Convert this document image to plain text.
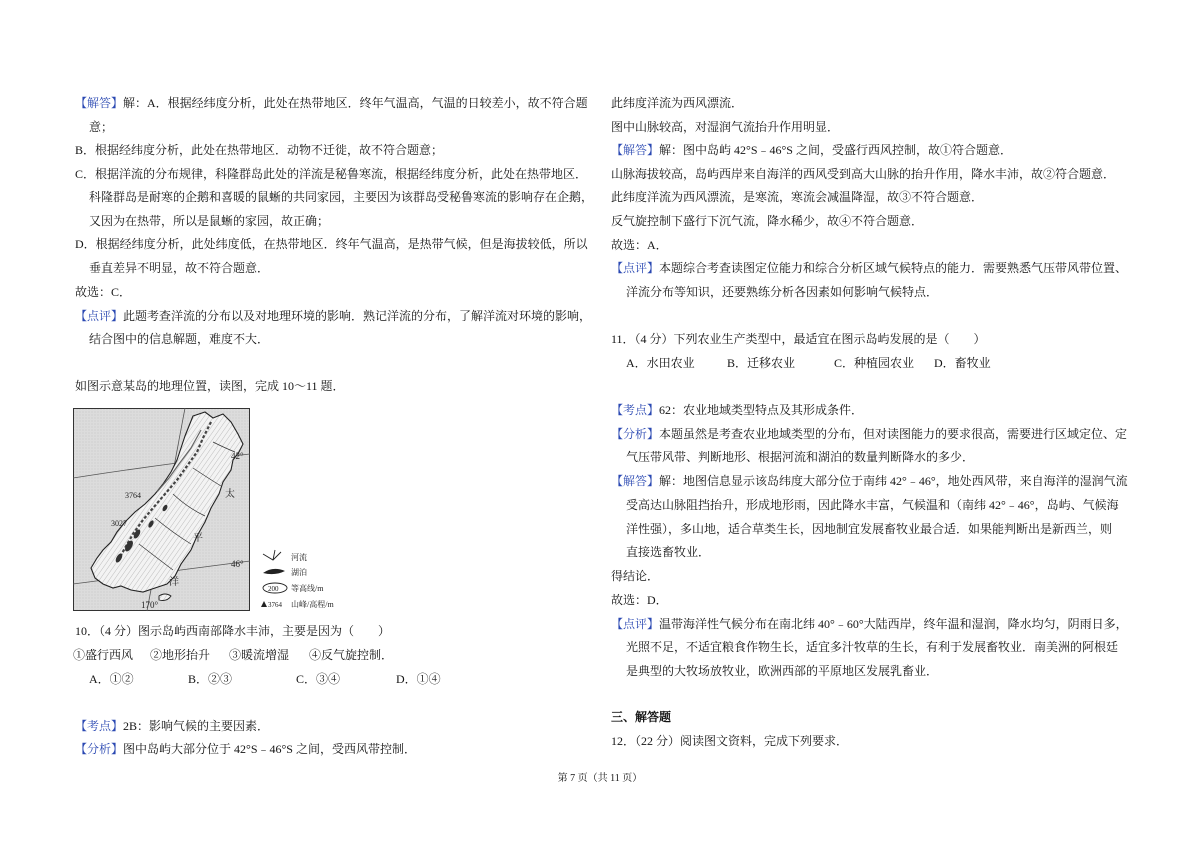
【解答】解：A．根据经纬度分析，此处在热带地区．终年气温高，气温的日较差小，故不符合题
意；
B．根据经纬度分析，此处在热带地区．动物不迁徙，故不符合题意；
C．根据洋流的分布规律，科隆群岛此处的洋流是秘鲁寒流，根据经纬度分析，此处在热带地区．
科隆群岛是耐寒的企鹅和喜暖的鼠蜥的共同家园，主要因为该群岛受秘鲁寒流的影响存在企鹅，
又因为在热带，所以是鼠蜥的家园，故正确；
D．根据经纬度分析，此处纬度低，在热带地区．终年气温高，是热带气候，但是海拔较低，所以
垂直差异不明显，故不符合题意．
故选：C．
【点评】此题考查洋流的分布以及对地理环境的影响．熟记洋流的分布，了解洋流对环境的影响，
结合图中的信息解题，难度不大．
如图示意某岛的地理位置，读图，完成 10～11 题．
42°
46°
170°
3764
3027
太
平
洋
河流
湖泊
200 等高线/m
3764 山峰/高程/m
10．（4 分）图示岛屿西南部降水丰沛，主要是因为（　　）
①盛行西风 ②地形抬升 ③暖流增湿 ④反气旋控制．
A．①②	B．②③	C．③④	D．①④
【考点】2B：影响气候的主要因素．
【分析】图中岛屿大部分位于 42°S﹣46°S 之间，受西风带控制．
此纬度洋流为西风漂流．
图中山脉较高，对湿润气流抬升作用明显．
【解答】解：图中岛屿 42°S﹣46°S 之间，受盛行西风控制，故①符合题意．
山脉海拔较高，岛屿西岸来自海洋的西风受到高大山脉的抬升作用，降水丰沛，故②符合题意．
此纬度洋流为西风漂流，是寒流，寒流会减温降湿，故③不符合题意．
反气旋控制下盛行下沉气流，降水稀少，故④不符合题意．
故选：A．
【点评】本题综合考查读图定位能力和综合分析区域气候特点的能力．需要熟悉气压带风带位置、
洋流分布等知识，还要熟练分析各因素如何影响气候特点．
11．（4 分）下列农业生产类型中，最适宜在图示岛屿发展的是（　　）
A．水田农业	B．迁移农业	C．种植园农业 D．畜牧业
【考点】62：农业地域类型特点及其形成条件．
【分析】本题虽然是考查农业地域类型的分布，但对读图能力的要求很高，需要进行区域定位、定
气压带风带、判断地形、根据河流和湖泊的数量判断降水的多少．
【解答】解：地图信息显示该岛纬度大部分位于南纬 42°﹣46°，地处西风带，来自海洋的湿润气流
受高达山脉阻挡抬升，形成地形雨，因此降水丰富，气候温和（南纬 42°﹣46°，岛屿、气候海
洋性强），多山地，适合草类生长，因地制宜发展畜牧业最合适．如果能判断出是新西兰，则
直接选畜牧业．
得结论．
故选：D．
【点评】温带海洋性气候分布在南北纬 40°﹣60°大陆西岸，终年温和湿润，降水均匀，阴雨日多，
光照不足，不适宜粮食作物生长，适宜多汁牧草的生长，有利于发展畜牧业．南美洲的阿根廷
是典型的大牧场放牧业，欧洲西部的平原地区发展乳畜业．
三、解答题
12．（22 分）阅读图文资料，完成下列要求．
第 7 页（共 11 页）
